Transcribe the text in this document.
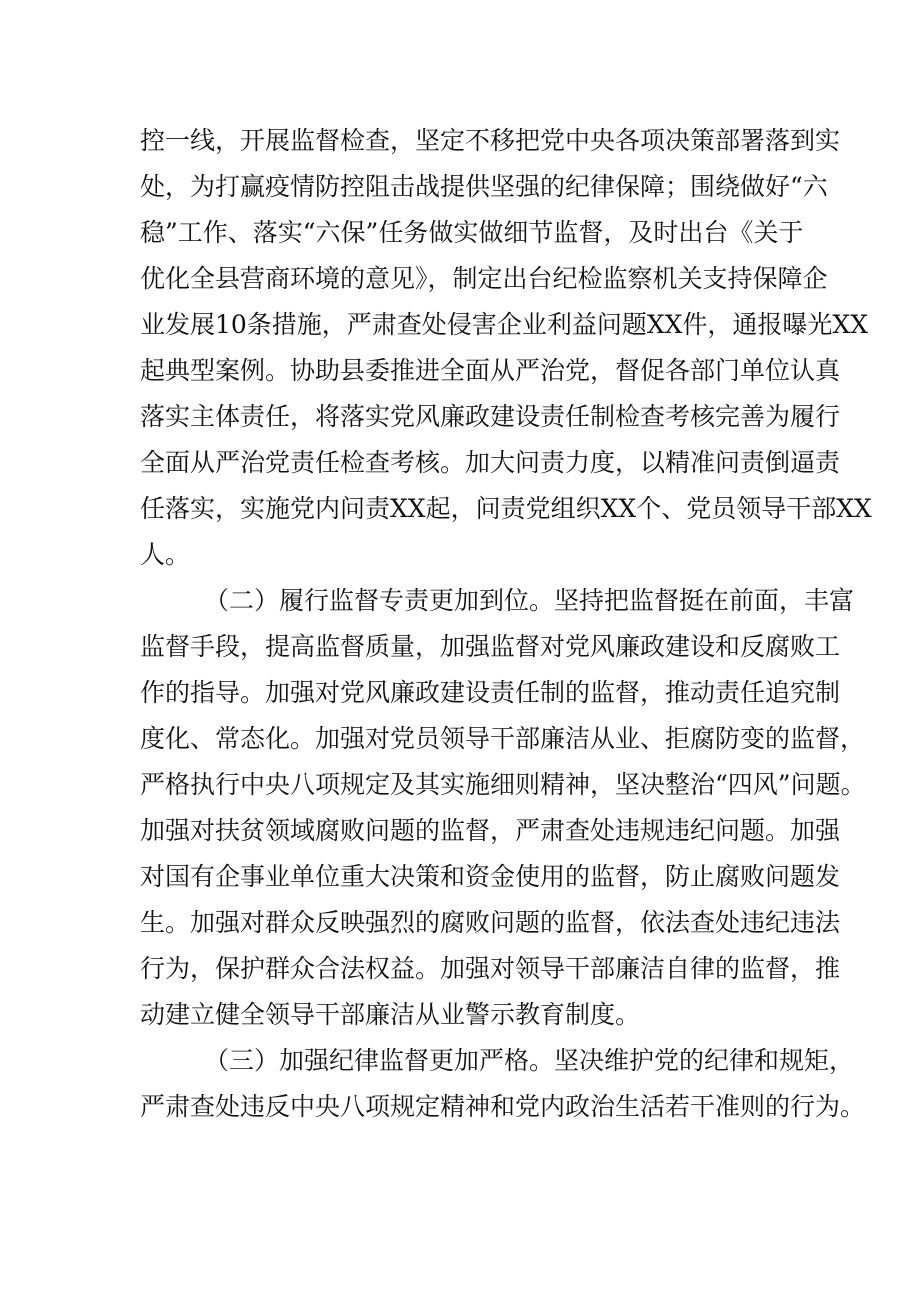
控一线，开展监督检查，坚定不移把党中央各项决策部署落到实
处，为打赢疫情防控阻击战提供坚强的纪律保障；围绕做好“六
稳”工作、落实“六保”任务做实做细节监督，及时出台《关于
优化全县营商环境的意见》，制定出台纪检监察机关支持保障企
业发展10条措施，严肃查处侵害企业利益问题XX件，通报曝光XX
起典型案例。协助县委推进全面从严治党，督促各部门单位认真
落实主体责任，将落实党风廉政建设责任制检查考核完善为履行
全面从严治党责任检查考核。加大问责力度，以精准问责倒逼责
任落实，实施党内问责XX起，问责党组织XX个、党员领导干部XX
人。
（二）履行监督专责更加到位。坚持把监督挺在前面，丰富
监督手段，提高监督质量，加强监督对党风廉政建设和反腐败工
作的指导。加强对党风廉政建设责任制的监督，推动责任追究制
度化、常态化。加强对党员领导干部廉洁从业、拒腐防变的监督，
严格执行中央八项规定及其实施细则精神，坚决整治“四风”问题。
加强对扶贫领域腐败问题的监督，严肃查处违规违纪问题。加强
对国有企事业单位重大决策和资金使用的监督，防止腐败问题发
生。加强对群众反映强烈的腐败问题的监督，依法查处违纪违法
行为，保护群众合法权益。加强对领导干部廉洁自律的监督，推
动建立健全领导干部廉洁从业警示教育制度。
（三）加强纪律监督更加严格。坚决维护党的纪律和规矩，
严肃查处违反中央八项规定精神和党内政治生活若干准则的行为。
